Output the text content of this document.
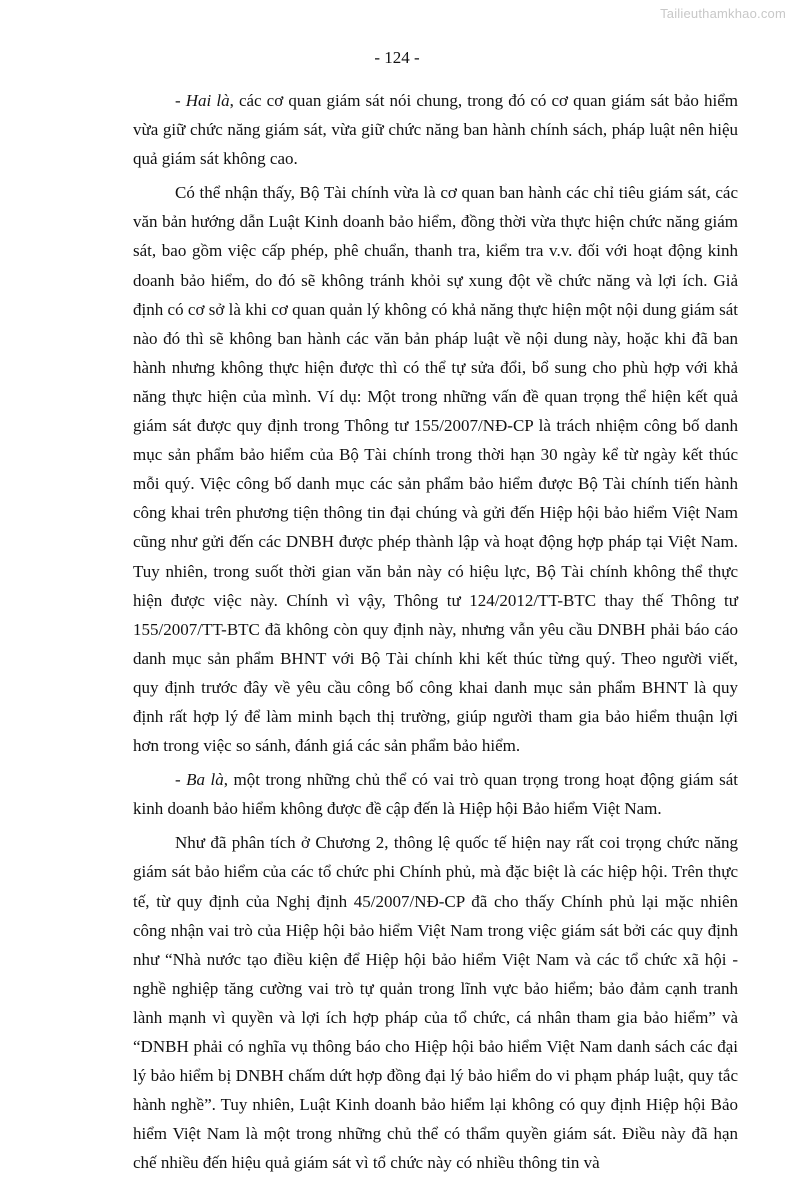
Tailieuthamkhao.com
- 124 -

- Hai là, các cơ quan giám sát nói chung, trong đó có cơ quan giám sát bảo hiểm vừa giữ chức năng giám sát, vừa giữ chức năng ban hành chính sách, pháp luật nên hiệu quả giám sát không cao.

Có thể nhận thấy, Bộ Tài chính vừa là cơ quan ban hành các chỉ tiêu giám sát, các văn bản hướng dẫn Luật Kinh doanh bảo hiểm, đồng thời vừa thực hiện chức năng giám sát, bao gồm việc cấp phép, phê chuẩn, thanh tra, kiểm tra v.v. đối với hoạt động kinh doanh bảo hiểm, do đó sẽ không tránh khỏi sự xung đột về chức năng và lợi ích. Giả định có cơ sở là khi cơ quan quản lý không có khả năng thực hiện một nội dung giám sát nào đó thì sẽ không ban hành các văn bản pháp luật về nội dung này, hoặc khi đã ban hành nhưng không thực hiện được thì có thể tự sửa đổi, bổ sung cho phù hợp với khả năng thực hiện của mình. Ví dụ: Một trong những vấn đề quan trọng thể hiện kết quả giám sát được quy định trong Thông tư 155/2007/NĐ-CP là trách nhiệm công bố danh mục sản phẩm bảo hiểm của Bộ Tài chính trong thời hạn 30 ngày kể từ ngày kết thúc mỗi quý. Việc công bố danh mục các sản phẩm bảo hiểm được Bộ Tài chính tiến hành công khai trên phương tiện thông tin đại chúng và gửi đến Hiệp hội bảo hiểm Việt Nam cũng như gửi đến các DNBH được phép thành lập và hoạt động hợp pháp tại Việt Nam. Tuy nhiên, trong suốt thời gian văn bản này có hiệu lực, Bộ Tài chính không thể thực hiện được việc này. Chính vì vậy, Thông tư 124/2012/TT-BTC thay thế Thông tư 155/2007/TT-BTC đã không còn quy định này, nhưng vẫn yêu cầu DNBH phải báo cáo danh mục sản phẩm BHNT với Bộ Tài chính khi kết thúc từng quý. Theo người viết, quy định trước đây về yêu cầu công bố công khai danh mục sản phẩm BHNT là quy định rất hợp lý để làm minh bạch thị trường, giúp người tham gia bảo hiểm thuận lợi hơn trong việc so sánh, đánh giá các sản phẩm bảo hiểm.

- Ba là, một trong những chủ thể có vai trò quan trọng trong hoạt động giám sát kinh doanh bảo hiểm không được đề cập đến là Hiệp hội Bảo hiểm Việt Nam.

Như đã phân tích ở Chương 2, thông lệ quốc tế hiện nay rất coi trọng chức năng giám sát bảo hiểm của các tổ chức phi Chính phủ, mà đặc biệt là các hiệp hội. Trên thực tế, từ quy định của Nghị định 45/2007/NĐ-CP đã cho thấy Chính phủ lại mặc nhiên công nhận vai trò của Hiệp hội bảo hiểm Việt Nam trong việc giám sát bởi các quy định như “Nhà nước tạo điều kiện để Hiệp hội bảo hiểm Việt Nam và các tổ chức xã hội - nghề nghiệp tăng cường vai trò tự quản trong lĩnh vực bảo hiểm; bảo đảm cạnh tranh lành mạnh vì quyền và lợi ích hợp pháp của tổ chức, cá nhân tham gia bảo hiểm” và “DNBH phải có nghĩa vụ thông báo cho Hiệp hội bảo hiểm Việt Nam danh sách các đại lý bảo hiểm bị DNBH chấm dứt hợp đồng đại lý bảo hiểm do vi phạm pháp luật, quy tắc hành nghề”. Tuy nhiên, Luật Kinh doanh bảo hiểm lại không có quy định Hiệp hội Bảo hiểm Việt Nam là một trong những chủ thể có thẩm quyền giám sát. Điều này đã hạn chế nhiều đến hiệu quả giám sát vì tổ chức này có nhiều thông tin và
